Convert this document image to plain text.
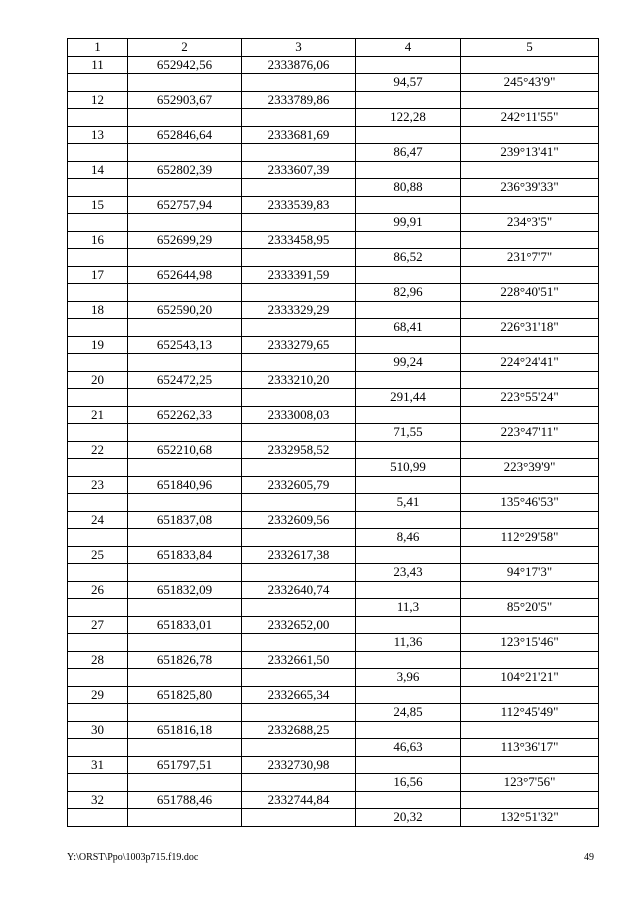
1	2	3	4	5
11	652942,56	2333876,06		
			94,57	245°43'9"
12	652903,67	2333789,86		
			122,28	242°11'55"
13	652846,64	2333681,69		
			86,47	239°13'41"
14	652802,39	2333607,39		
			80,88	236°39'33"
15	652757,94	2333539,83		
			99,91	234°3'5"
16	652699,29	2333458,95		
			86,52	231°7'7"
17	652644,98	2333391,59		
			82,96	228°40'51"
18	652590,20	2333329,29		
			68,41	226°31'18"
19	652543,13	2333279,65		
			99,24	224°24'41"
20	652472,25	2333210,20		
			291,44	223°55'24"
21	652262,33	2333008,03		
			71,55	223°47'11"
22	652210,68	2332958,52		
			510,99	223°39'9"
23	651840,96	2332605,79		
			5,41	135°46'53"
24	651837,08	2332609,56		
			8,46	112°29'58"
25	651833,84	2332617,38		
			23,43	94°17'3"
26	651832,09	2332640,74		
			11,3	85°20'5"
27	651833,01	2332652,00		
			11,36	123°15'46"
28	651826,78	2332661,50		
			3,96	104°21'21"
29	651825,80	2332665,34		
			24,85	112°45'49"
30	651816,18	2332688,25		
			46,63	113°36'17"
31	651797,51	2332730,98		
			16,56	123°7'56"
32	651788,46	2332744,84		
			20,32	132°51'32"
Y:\ORST\Ppo\1003p715.f19.doc	49
